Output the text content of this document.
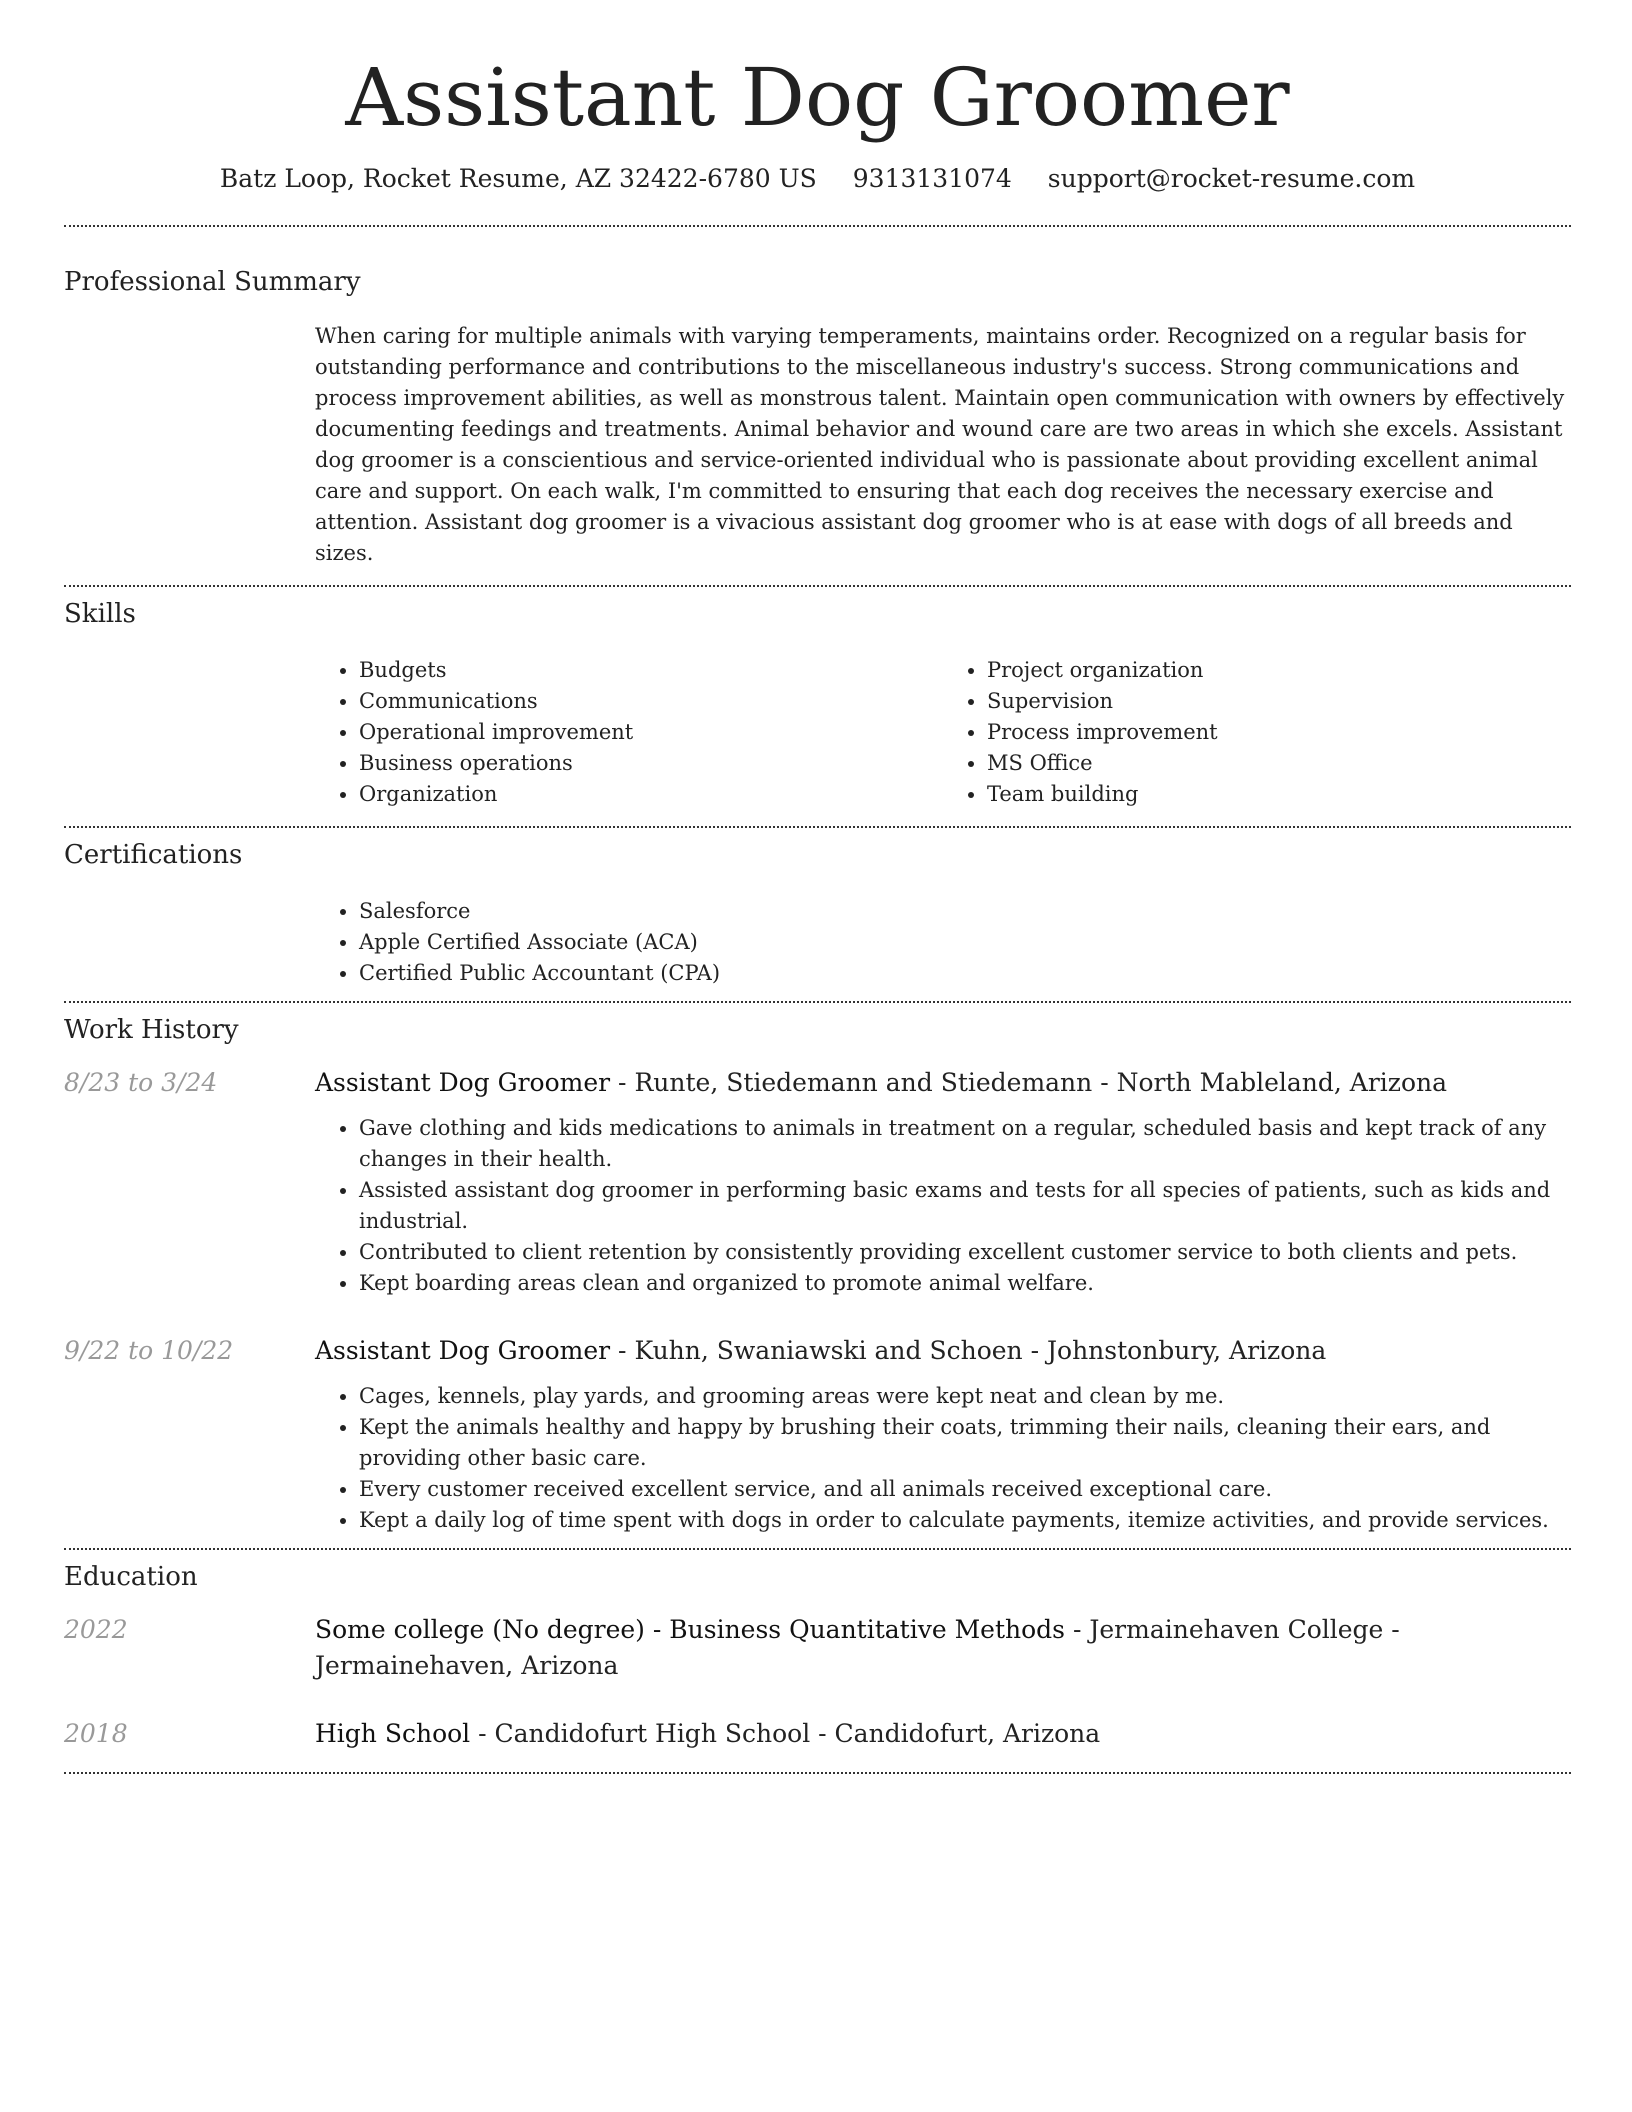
Assistant Dog Groomer
Batz Loop, Rocket Resume, AZ 32422-6780 US 9313131074 support@rocket-resume.com
Professional Summary
When caring for multiple animals with varying temperaments, maintains order. Recognized on a regular basis for outstanding performance and contributions to the miscellaneous industry's success. Strong communications and process improvement abilities, as well as monstrous talent. Maintain open communication with owners by effectively documenting feedings and treatments. Animal behavior and wound care are two areas in which she excels. Assistant dog groomer is a conscientious and service-oriented individual who is passionate about providing excellent animal care and support. On each walk, I'm committed to ensuring that each dog receives the necessary exercise and attention. Assistant dog groomer is a vivacious assistant dog groomer who is at ease with dogs of all breeds and sizes.
Skills
• Budgets
• Communications
• Operational improvement
• Business operations
• Organization
• Project organization
• Supervision
• Process improvement
• MS Office
• Team building
Certifications
• Salesforce
• Apple Certified Associate (ACA)
• Certified Public Accountant (CPA)
Work History
8/23 to 3/24	Assistant Dog Groomer - Runte, Stiedemann and Stiedemann - North Mableland, Arizona
• Gave clothing and kids medications to animals in treatment on a regular, scheduled basis and kept track of any changes in their health.
• Assisted assistant dog groomer in performing basic exams and tests for all species of patients, such as kids and industrial.
• Contributed to client retention by consistently providing excellent customer service to both clients and pets.
• Kept boarding areas clean and organized to promote animal welfare.
9/22 to 10/22	Assistant Dog Groomer - Kuhn, Swaniawski and Schoen - Johnstonbury, Arizona
• Cages, kennels, play yards, and grooming areas were kept neat and clean by me.
• Kept the animals healthy and happy by brushing their coats, trimming their nails, cleaning their ears, and providing other basic care.
• Every customer received excellent service, and all animals received exceptional care.
• Kept a daily log of time spent with dogs in order to calculate payments, itemize activities, and provide services.
Education
2022	Some college (No degree) - Business Quantitative Methods - Jermainehaven College - Jermainehaven, Arizona
2018	High School - Candidofurt High School - Candidofurt, Arizona
